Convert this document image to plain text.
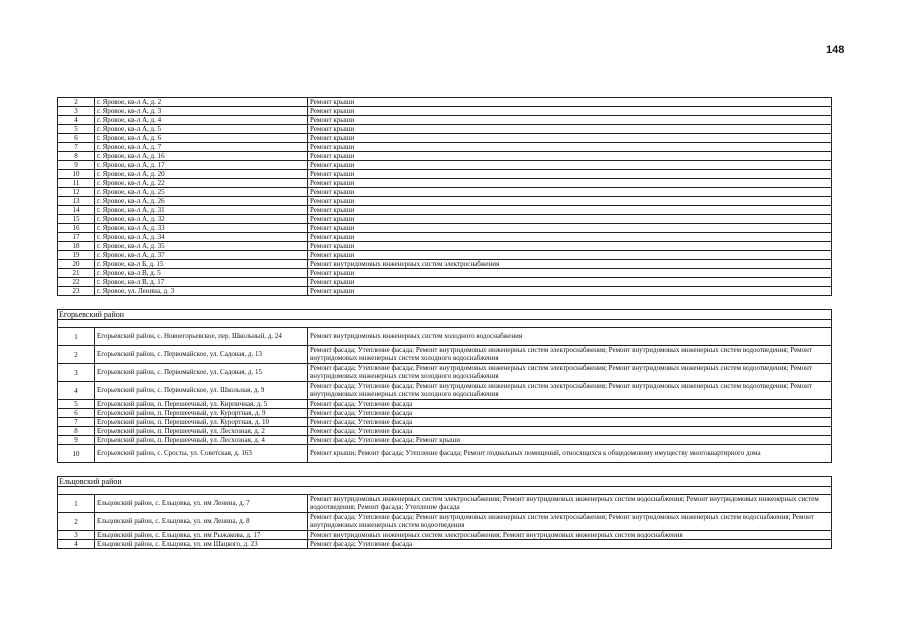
148
2	г. Яровое, кв-л А, д. 2	Ремонт крыши
3	г. Яровое, кв-л А, д. 3	Ремонт крыши
4	г. Яровое, кв-л А, д. 4	Ремонт крыши
5	г. Яровое, кв-л А, д. 5	Ремонт крыши
6	г. Яровое, кв-л А, д. 6	Ремонт крыши
7	г. Яровое, кв-л А, д. 7	Ремонт крыши
8	г. Яровое, кв-л А, д. 16	Ремонт крыши
9	г. Яровое, кв-л А, д. 17	Ремонт крыши
10	г. Яровое, кв-л А, д. 20	Ремонт крыши
11	г. Яровое, кв-л А, д. 22	Ремонт крыши
12	г. Яровое, кв-л А, д. 25	Ремонт крыши
13	г. Яровое, кв-л А, д. 26	Ремонт крыши
14	г. Яровое, кв-л А, д. 31	Ремонт крыши
15	г. Яровое, кв-л А, д. 32	Ремонт крыши
16	г. Яровое, кв-л А, д. 33	Ремонт крыши
17	г. Яровое, кв-л А, д. 34	Ремонт крыши
18	г. Яровое, кв-л А, д. 35	Ремонт крыши
19	г. Яровое, кв-л А, д. 37	Ремонт крыши
20	г. Яровое, кв-л Б, д. 15	Ремонт внутридомовых инженерных систем электроснабжения
21	г. Яровое, кв-л В, д. 5	Ремонт крыши
22	г. Яровое, кв-л В, д. 17	Ремонт крыши
23	г. Яровое, ул. Ленина, д. 3	Ремонт крыши

Егорьевский район		

1	Егорьевский район, с. Новоегорьевское, пер. Школьный, д. 24	Ремонт внутридомовых инженерных систем холодного водоснабжения
2	Егорьевский район, с. Первомайское, ул. Садовая, д. 13	Ремонт фасада; Утепление фасада; Ремонт внутридомовых инженерных систем электроснабжения; Ремонт внутридомовых инженерных систем водоотведения; Ремонт внутридомовых инженерных систем холодного водоснабжения
3	Егорьевский район, с. Первомайское, ул. Садовая, д. 15	Ремонт фасада; Утепление фасада; Ремонт внутридомовых инженерных систем электроснабжения; Ремонт внутридомовых инженерных систем водоотведения; Ремонт внутридомовых инженерных систем холодного водоснабжения
4	Егорьевский район, с. Первомайское, ул. Школьная, д. 9	Ремонт фасада; Утепление фасада; Ремонт внутридомовых инженерных систем электроснабжения; Ремонт внутридомовых инженерных систем водоотведения; Ремонт внутридомовых инженерных систем холодного водоснабжения
5	Егорьевский район, п. Перешеечный, ул. Кирпичная, д. 5	Ремонт фасада; Утепление фасада
6	Егорьевский район, п. Перешеечный, ул. Курортная, д. 9	Ремонт фасада; Утепление фасада
7	Егорьевский район, п. Перешеечный, ул. Курортная, д. 10	Ремонт фасада; Утепление фасада
8	Егорьевский район, п. Перешеечный, ул. Лесхозная, д. 2	Ремонт фасада; Утепление фасада
9	Егорьевский район, п. Перешеечный, ул. Лесхозная, д. 4	Ремонт фасада; Утепление фасада; Ремонт крыши
10	Егорьевский район, с. Сросты, ул. Советская, д. 163	Ремонт крыши; Ремонт фасада; Утепление фасада; Ремонт подвальных помещений, относящихся к общедомовому имуществу многоквартирного дома

Ельцовский район		

1	Ельцовский район, с. Ельцовка, ул. им Ленина, д. 7	Ремонт внутридомовых инженерных систем электроснабжения; Ремонт внутридомовых инженерных систем водоснабжения; Ремонт внутридомовых инженерных систем водоотведения; Ремонт фасада; Утепление фасада
2	Ельцовский район, с. Ельцовка, ул. им Ленина, д. 8	Ремонт фасада; Утепление фасада; Ремонт внутридомовых инженерных систем электроснабжения; Ремонт внутридомовых инженерных систем водоснабжения; Ремонт внутридомовых инженерных систем водоотведения
3	Ельцовский район, с. Ельцовка, ул. им Рыжакова, д. 17	Ремонт внутридомовых инженерных систем электроснабжения; Ремонт внутридомовых инженерных систем водоснабжения
4	Ельцовский район, с. Ельцовка, ул. им Шацкого, д. 23	Ремонт фасада; Утепление фасада
